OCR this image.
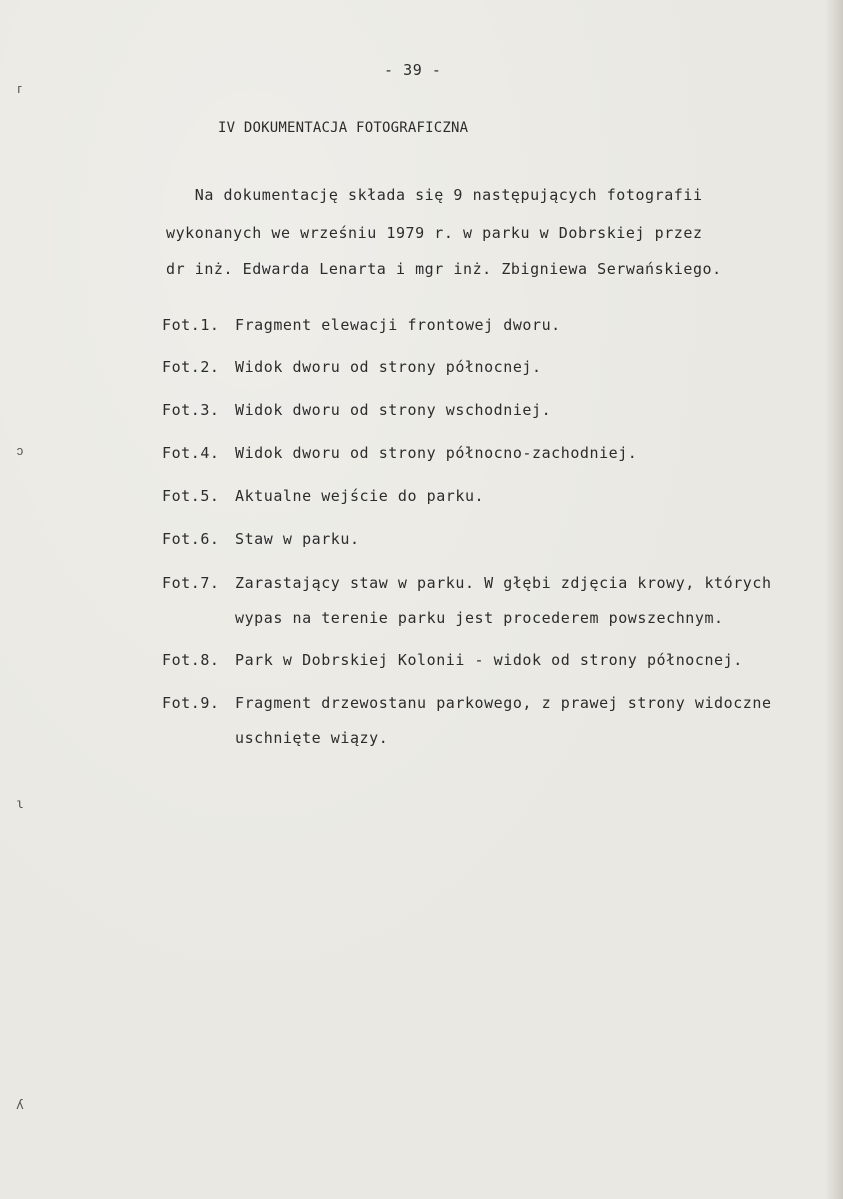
ᴦ
ↄ
ɩ
ʎ
- 39 -
IV DOKUMENTACJA FOTOGRAFICZNA
Na dokumentację składa się 9 następujących fotografii
wykonanych we wrześniu 1979 r. w parku w Dobrskiej przez
dr inż. Edwarda Lenarta i mgr inż. Zbigniewa Serwańskiego.
Fot.1. Fragment elewacji frontowej dworu.
Fot.2. Widok dworu od strony północnej.
Fot.3. Widok dworu od strony wschodniej.
Fot.4. Widok dworu od strony północno-zachodniej.
Fot.5. Aktualne wejście do parku.
Fot.6. Staw w parku.
Fot.7. Zarastający staw w parku. W głębi zdjęcia krowy, których
wypas na terenie parku jest procederem powszechnym.
Fot.8. Park w Dobrskiej Kolonii - widok od strony północnej.
Fot.9. Fragment drzewostanu parkowego, z prawej strony widoczne
uschnięte wiązy.
